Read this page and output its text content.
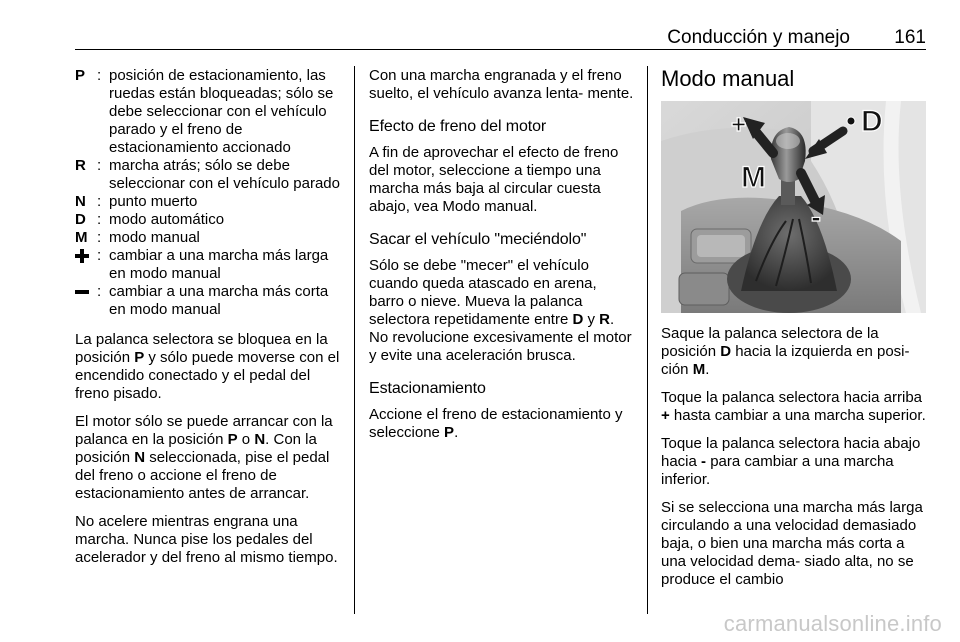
Conducción y manejo 161
P : posición de estacionamiento, las ruedas están bloqueadas; sólo se debe seleccionar con el vehículo parado y el freno de estacionamiento accionado
R : marcha atrás; sólo se debe seleccionar con el vehículo parado
N : punto muerto
D : modo automático
M : modo manual
: cambiar a una marcha más larga en modo manual
: cambiar a una marcha más corta en modo manual

La palanca selectora se bloquea en la posición P y sólo puede moverse con el encendido conectado y el pedal del freno pisado.

El motor sólo se puede arrancar con la palanca en la posición P o N. Con la posición N seleccionada, pise el pedal del freno o accione el freno de estacionamiento antes de arrancar.

No acelere mientras engrana una marcha. Nunca pise los pedales del acelerador y del freno al mismo tiempo.

Con una marcha engranada y el freno suelto, el vehículo avanza lenta- mente.

Efecto de freno del motor

A fin de aprovechar el efecto de freno del motor, seleccione a tiempo una marcha más baja al circular cuesta abajo, vea Modo manual.

Sacar el vehículo "meciéndolo"

Sólo se debe "mecer" el vehículo cuando queda atascado en arena, barro o nieve. Mueva la palanca selectora repetidamente entre D y R. No revolucione excesivamente el motor y evite una aceleración brusca.

Estacionamiento

Accione el freno de estacionamiento y seleccione P.

Modo manual
+	D
M
-

Saque la palanca selectora de la posición D hacia la izquierda en posi- ción M.

Toque la palanca selectora hacia arriba + hasta cambiar a una marcha superior.

Toque la palanca selectora hacia abajo hacia - para cambiar a una marcha inferior.

Si se selecciona una marcha más larga circulando a una velocidad demasiado baja, o bien una marcha más corta a una velocidad dema- siado alta, no se produce el cambio

carmanualsonline.info
